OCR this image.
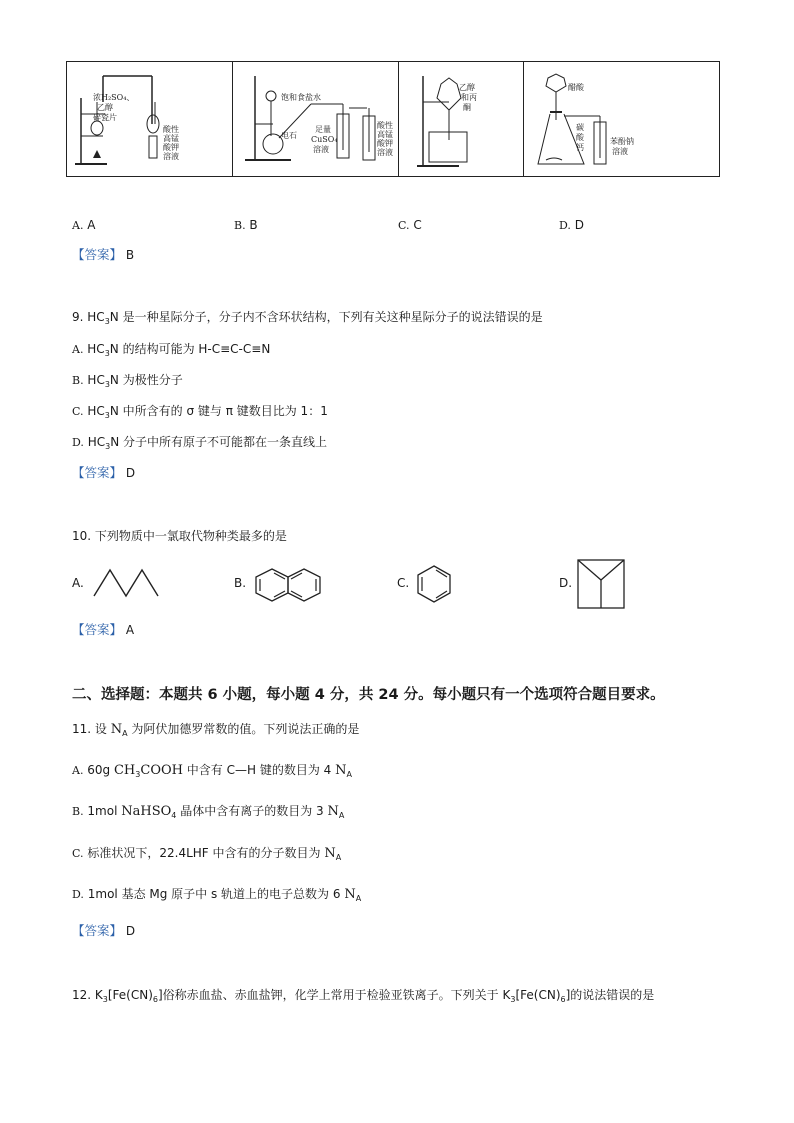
浓H₂SO₄、
乙醇
碎瓷片
酸性
高锰
酸钾
溶液
饱和食盐水
电石
足量
CuSO₄
溶液
酸性
高锰
酸钾
溶液
乙醇
和丙
酮
醋酸
碳
酸
钙
苯酚钠
溶液
A. A	B. B	C. C	D. D
【答案】 B
9. $HC_3N$ 是一种星际分子，分子内不含环状结构，下列有关这种星际分子的说法错误的是
A. $HC_3N$ 的结构可能为 H-C≡C-C≡N
B. $HC_3N$ 为极性分子
C. $HC_3N$ 中所含有的 σ 键与 π 键数目比为 1：1
D. $HC_3N$ 分子中所有原子不可能都在一条直线上
【答案】 D
10. 下列物质中一氯取代物种类最多的是
A.	B.	C.	D.
【答案】 A
二、选择题：本题共 6 小题，每小题 4 分，共 24 分。每小题只有一个选项符合题目要求。
11. 设 $N_A$ 为阿伏加德罗常数的值。下列说法正确的是
A. 60g $CH_3COOH$ 中含有 C—H 键的数目为 4 $N_A$
B. 1mol NaHSO$_4$ 晶体中含有离子的数目为 3 $N_A$
C. 标准状况下，22.4LHF 中含有的分子数目为 $N_A$
D. 1mol 基态 Mg 原子中 s 轨道上的电子总数为 6 $N_A$
【答案】 D
12. $K_3[Fe(CN)_6]$俗称赤血盐、赤血盐钾，化学上常用于检验亚铁离子。下列关于 $K_3[Fe(CN)_6]$的说法错误的是
